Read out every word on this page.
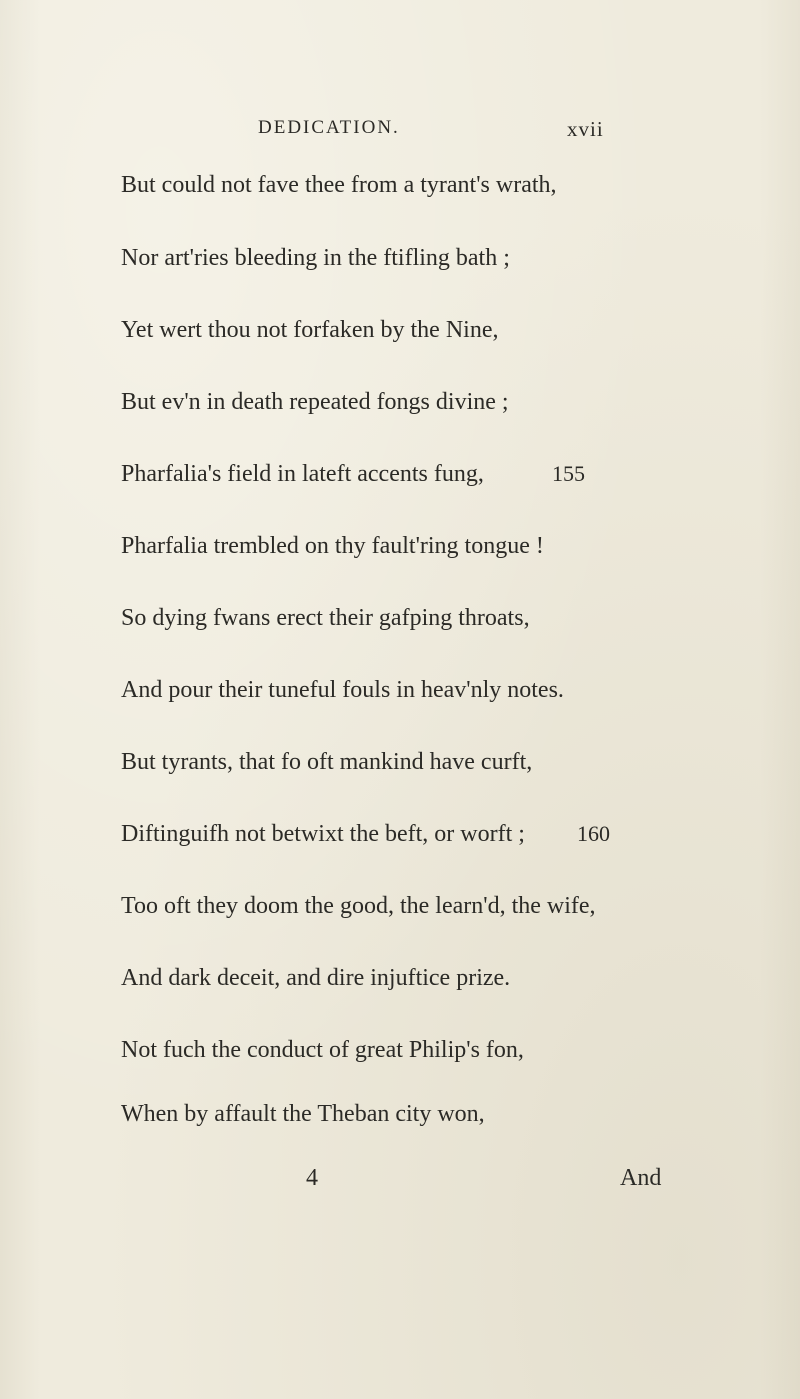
DEDICATION.	xvii
But could not fave thee from a tyrant's wrath,
Nor art'ries bleeding in the ftifling bath ;
Yet wert thou not forfaken by the Nine,
But ev'n in death repeated fongs divine ;
Pharfalia's field in lateft accents fung,	155
Pharfalia trembled on thy fault'ring tongue !
So dying fwans erect their gafping throats,
And pour their tuneful fouls in heav'nly notes.
But tyrants, that fo oft mankind have curft,
Diftinguifh not betwixt the beft, or worft ; 160
Too oft they doom the good, the learn'd, the wife,
And dark deceit, and dire injuftice prize.
Not fuch the conduct of great Philip's fon,
When by affault the Theban city won,
4	And
